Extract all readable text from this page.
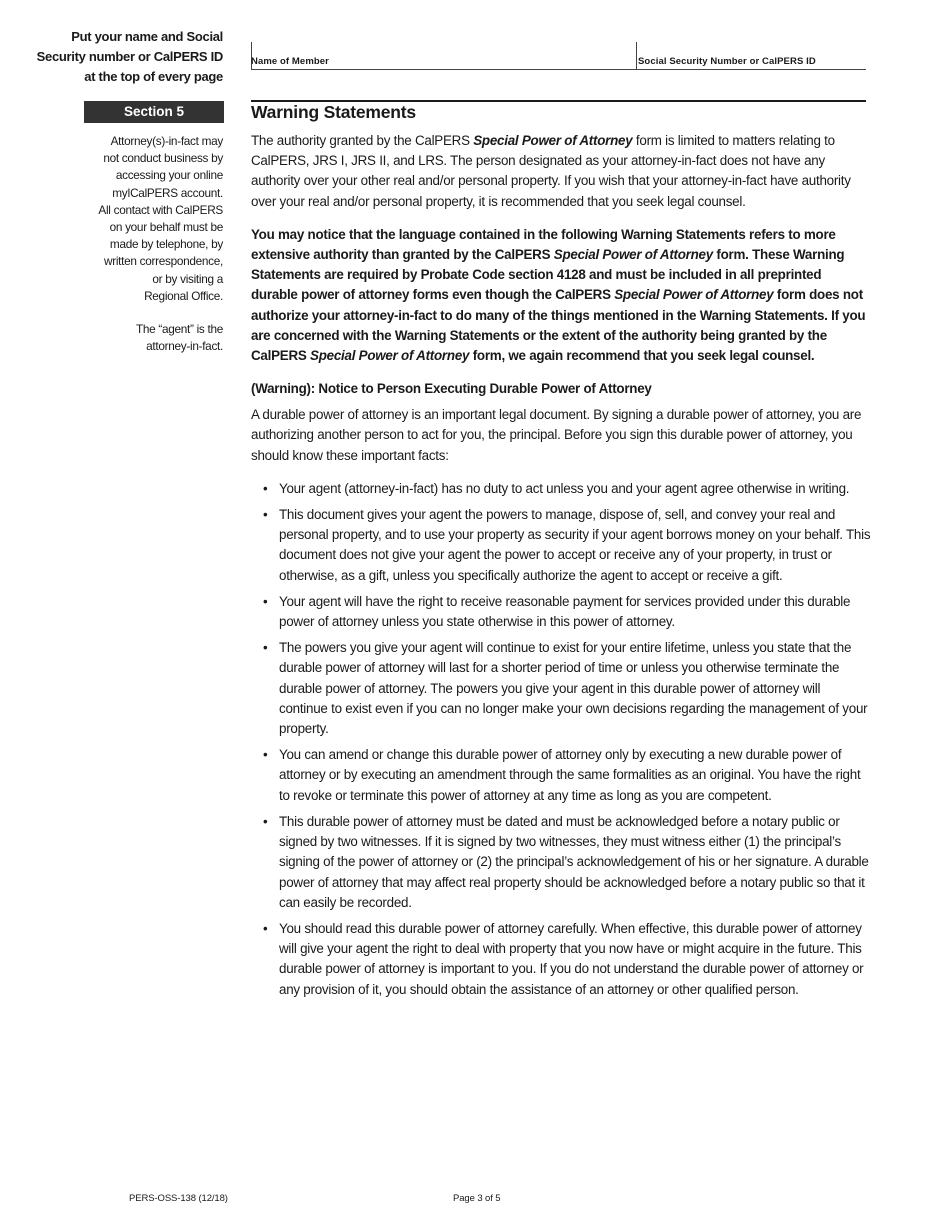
Put your name and Social
Security number or CalPERS ID
at the top of every page
Name of Member	Social Security Number or CalPERS ID
Section 5
Attorney(s)-in-fact may
not conduct business by
accessing your online
myǀCalPERS account.
All contact with CalPERS
on your behalf must be
made by telephone, by
written correspondence,
or by visiting a
Regional Office.
The “agent” is the
attorney-in-fact.
Warning Statements

The authority granted by the CalPERS Special Power of Attorney form is limited to matters relating to CalPERS, JRS I, JRS II, and LRS. The person designated as your attorney-in-fact does not have any authority over your other real and/or personal property. If you wish that your attorney-in-fact have authority over your real and/or personal property, it is recommended that you seek legal counsel.

You may notice that the language contained in the following Warning Statements refers to more extensive authority than granted by the CalPERS Special Power of Attorney form. These Warning Statements are required by Probate Code section 4128 and must be included in all preprinted durable power of attorney forms even though the CalPERS Special Power of Attorney form does not authorize your attorney-in-fact to do many of the things mentioned in the Warning Statements. If you are concerned with the Warning Statements or the extent of the authority being granted by the CalPERS Special Power of Attorney form, we again recommend that you seek legal counsel.

(Warning): Notice to Person Executing Durable Power of Attorney

A durable power of attorney is an important legal document. By signing a durable power of attorney, you are authorizing another person to act for you, the principal. Before you sign this durable power of attorney, you should know these important facts:

• Your agent (attorney-in-fact) has no duty to act unless you and your agent agree otherwise in writing.
• This document gives your agent the powers to manage, dispose of, sell, and convey your real and personal property, and to use your property as security if your agent borrows money on your behalf. This document does not give your agent the power to accept or receive any of your property, in trust or otherwise, as a gift, unless you specifically authorize the agent to accept or receive a gift.
• Your agent will have the right to receive reasonable payment for services provided under this durable power of attorney unless you state otherwise in this power of attorney.
• The powers you give your agent will continue to exist for your entire lifetime, unless you state that the durable power of attorney will last for a shorter period of time or unless you otherwise terminate the durable power of attorney. The powers you give your agent in this durable power of attorney will continue to exist even if you can no longer make your own decisions regarding the management of your property.
• You can amend or change this durable power of attorney only by executing a new durable power of attorney or by executing an amendment through the same formalities as an original. You have the right to revoke or terminate this power of attorney at any time as long as you are competent.
• This durable power of attorney must be dated and must be acknowledged before a notary public or signed by two witnesses. If it is signed by two witnesses, they must witness either (1) the principal’s signing of the power of attorney or (2) the principal’s acknowledgement of his or her signature. A durable power of attorney that may affect real property should be acknowledged before a notary public so that it can easily be recorded.
• You should read this durable power of attorney carefully. When effective, this durable power of attorney will give your agent the right to deal with property that you now have or might acquire in the future. This durable power of attorney is important to you. If you do not understand the durable power of attorney or any provision of it, you should obtain the assistance of an attorney or other qualified person.
PERS-OSS-138 (12/18)	Page 3 of 5
